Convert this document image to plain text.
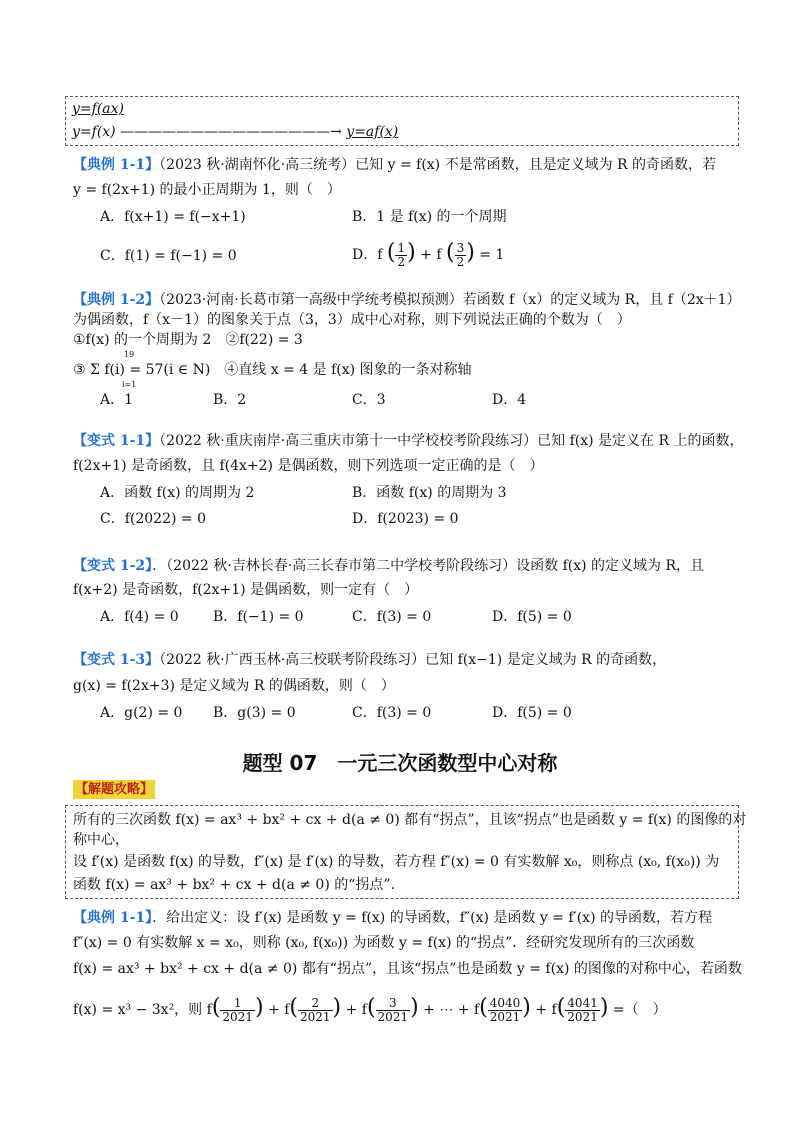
y=f(ax)
y=f(x) ———————————————→ y=af(x)
【典例 1-1】（2023 秋·湖南怀化·高三统考）已知 y = f(x) 不是常函数，且是定义域为 R 的奇函数，若
y = f(2x+1) 的最小正周期为 1，则（　）
A．f(x+1) = f(−x+1)	B．1 是 f(x) 的一个周期
C．f(1) = f(−1) = 0	D．f ( $\frac{1}{2}$ ) + f ( $\frac{3}{2}$ ) = 1
【典例 1-2】（2023·河南·长葛市第一高级中学统考模拟预测）若函数 f（x）的定义域为 R，且 f（2x＋1）
为偶函数，f（x－1）的图象关于点（3，3）成中心对称，则下列说法正确的个数为（　）
①f(x) 的一个周期为 2　②f(22) = 3
19
③ Σ f(i) = 57(i ∈ N)　④直线 x = 4 是 f(x) 图象的一条对称轴
i=1
A．1	B．2	C．3	D．4
【变式 1-1】（2022 秋·重庆南岸·高三重庆市第十一中学校校考阶段练习）已知 f(x) 是定义在 R 上的函数，
f(2x+1) 是奇函数，且 f(4x+2) 是偶函数，则下列选项一定正确的是（　）
A．函数 f(x) 的周期为 2	B．函数 f(x) 的周期为 3
C．f(2022) = 0	D．f(2023) = 0
【变式 1-2】．（2022 秋·吉林长春·高三长春市第二中学校考阶段练习）设函数 f(x) 的定义域为 R，且
f(x+2) 是奇函数，f(2x+1) 是偶函数，则一定有（　）
A．f(4) = 0 B．f(−1) = 0	C．f(3) = 0	D．f(5) = 0
【变式 1-3】（2022 秋·广西玉林·高三校联考阶段练习）已知 f(x−1) 是定义域为 R 的奇函数，
g(x) = f(2x+3) 是定义域为 R 的偶函数，则（　）
A．g(2) = 0 B．g(3) = 0	C．f(3) = 0	D．f(5) = 0
题型 07　一元三次函数型中心对称
【解题攻略】
所有的三次函数 f(x) = ax³ + bx² + cx + d(a ≠ 0) 都有“拐点”，且该“拐点”也是函数 y = f(x) 的图像的对
称中心，
设 f′(x) 是函数 f(x) 的导数，f″(x) 是 f′(x) 的导数，若方程 f″(x) = 0 有实数解 x₀，则称点 (x₀, f(x₀)) 为
函数 f(x) = ax³ + bx² + cx + d(a ≠ 0) 的“拐点”．
【典例 1-1】．给出定义：设 f′(x) 是函数 y = f(x) 的导函数，f″(x) 是函数 y = f′(x) 的导函数，若方程
f″(x) = 0 有实数解 x = x₀，则称 (x₀, f(x₀)) 为函数 y = f(x) 的“拐点”．经研究发现所有的三次函数
f(x) = ax³ + bx² + cx + d(a ≠ 0) 都有“拐点”，且该“拐点”也是函数 y = f(x) 的图像的对称中心，若函数
f(x) = x³ − 3x²，则 $f( \frac{1}{2021}$ ) + $f( \frac{2}{2021}$ ) + $f( \frac{3}{2021}$ ) + ⋯ + $f( \frac{4040}{2021}$ ) + $f( \frac{4041}{2021}$ ) =（　）
